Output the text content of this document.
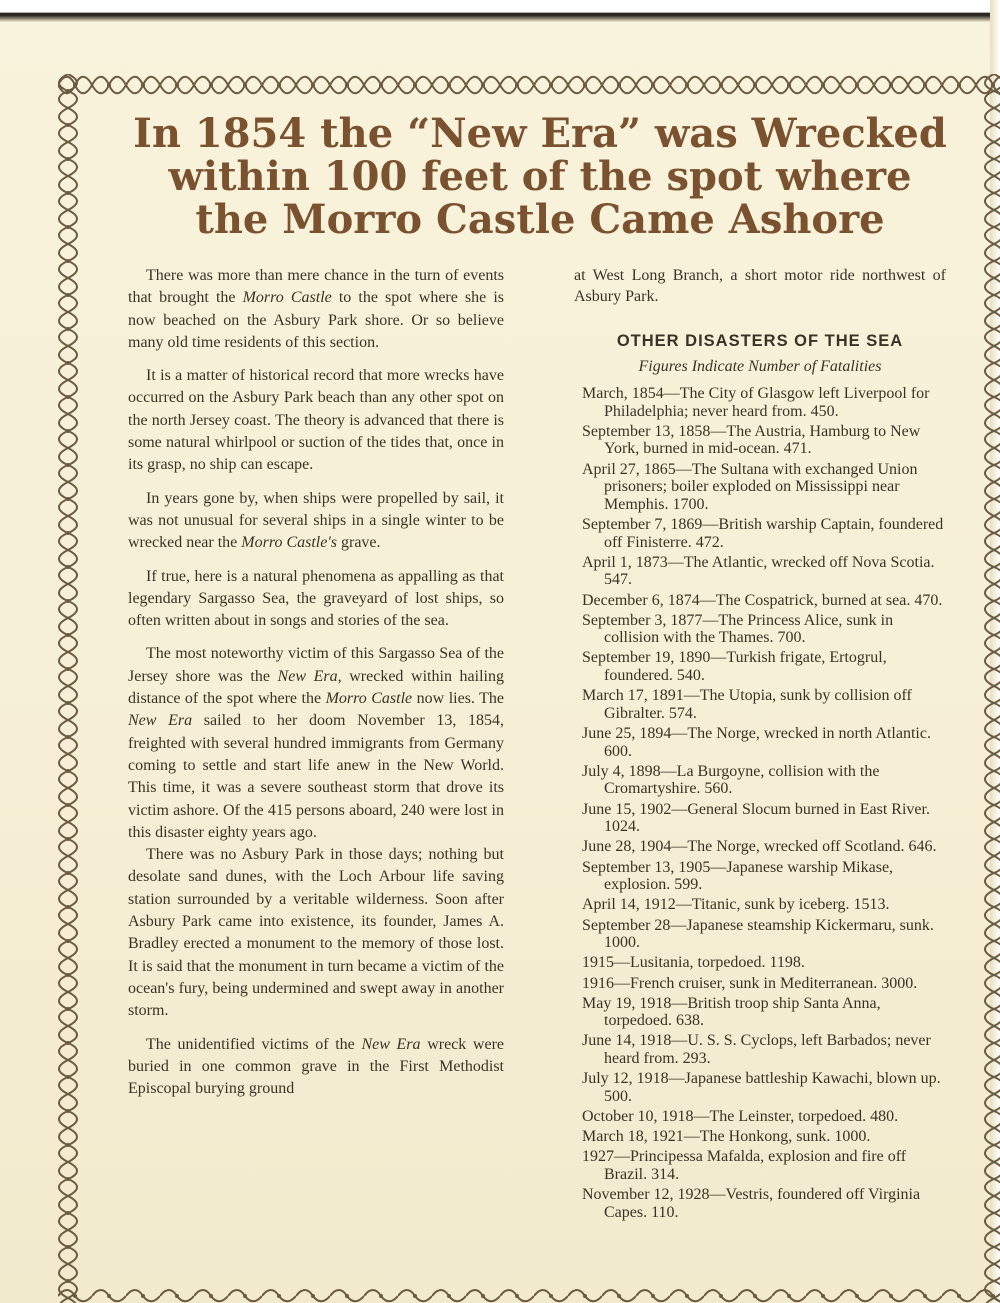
In 1854 the “New Era” was Wrecked
within 100 feet of the spot where
the Morro Castle Came Ashore

There was more than mere chance in the turn of events that brought the Morro Castle to the spot where she is now beached on the Asbury Park shore. Or so believe many old time residents of this section.

It is a matter of historical record that more wrecks have occurred on the Asbury Park beach than any other spot on the north Jersey coast. The theory is advanced that there is some natural whirlpool or suction of the tides that, once in its grasp, no ship can escape.

In years gone by, when ships were propelled by sail, it was not unusual for several ships in a single winter to be wrecked near the Morro Castle's grave.

If true, here is a natural phenomena as appalling as that legendary Sargasso Sea, the graveyard of lost ships, so often written about in songs and stories of the sea.

The most noteworthy victim of this Sargasso Sea of the Jersey shore was the New Era, wrecked within hailing distance of the spot where the Morro Castle now lies. The New Era sailed to her doom November 13, 1854, freighted with several hundred immigrants from Germany coming to settle and start life anew in the New World. This time, it was a severe southeast storm that drove its victim ashore. Of the 415 persons aboard, 240 were lost in this disaster eighty years ago.

There was no Asbury Park in those days; nothing but desolate sand dunes, with the Loch Arbour life saving station surrounded by a veritable wilderness. Soon after Asbury Park came into existence, its founder, James A. Bradley erected a monument to the memory of those lost. It is said that the monument in turn became a victim of the ocean's fury, being undermined and swept away in another storm.

The unidentified victims of the New Era wreck were buried in one common grave in the First Methodist Episcopal burying ground

at West Long Branch, a short motor ride northwest of Asbury Park.

OTHER DISASTERS OF THE SEA
Figures Indicate Number of Fatalities
March, 1854—The City of Glasgow left Liverpool for Philadelphia; never heard from. 450.
September 13, 1858—The Austria, Hamburg to New York, burned in mid-ocean. 471.
April 27, 1865—The Sultana with exchanged Union prisoners; boiler exploded on Mississippi near Memphis. 1700.
September 7, 1869—British warship Captain, foundered off Finisterre. 472.
April 1, 1873—The Atlantic, wrecked off Nova Scotia. 547.
December 6, 1874—The Cospatrick, burned at sea. 470.
September 3, 1877—The Princess Alice, sunk in collision with the Thames. 700.
September 19, 1890—Turkish frigate, Ertogrul, foundered. 540.
March 17, 1891—The Utopia, sunk by collision off Gibralter. 574.
June 25, 1894—The Norge, wrecked in north Atlantic. 600.
July 4, 1898—La Burgoyne, collision with the Cromartyshire. 560.
June 15, 1902—General Slocum burned in East River. 1024.
June 28, 1904—The Norge, wrecked off Scotland. 646.
September 13, 1905—Japanese warship Mikase, explosion. 599.
April 14, 1912—Titanic, sunk by iceberg. 1513.
September 28—Japanese steamship Kickermaru, sunk. 1000.
1915—Lusitania, torpedoed. 1198.
1916—French cruiser, sunk in Mediterranean. 3000.
May 19, 1918—British troop ship Santa Anna, torpedoed. 638.
June 14, 1918—U. S. S. Cyclops, left Barbados; never heard from. 293.
July 12, 1918—Japanese battleship Kawachi, blown up. 500.
October 10, 1918—The Leinster, torpedoed. 480.
March 18, 1921—The Honkong, sunk. 1000.
1927—Principessa Mafalda, explosion and fire off Brazil. 314.
November 12, 1928—Vestris, foundered off Virginia Capes. 110.
